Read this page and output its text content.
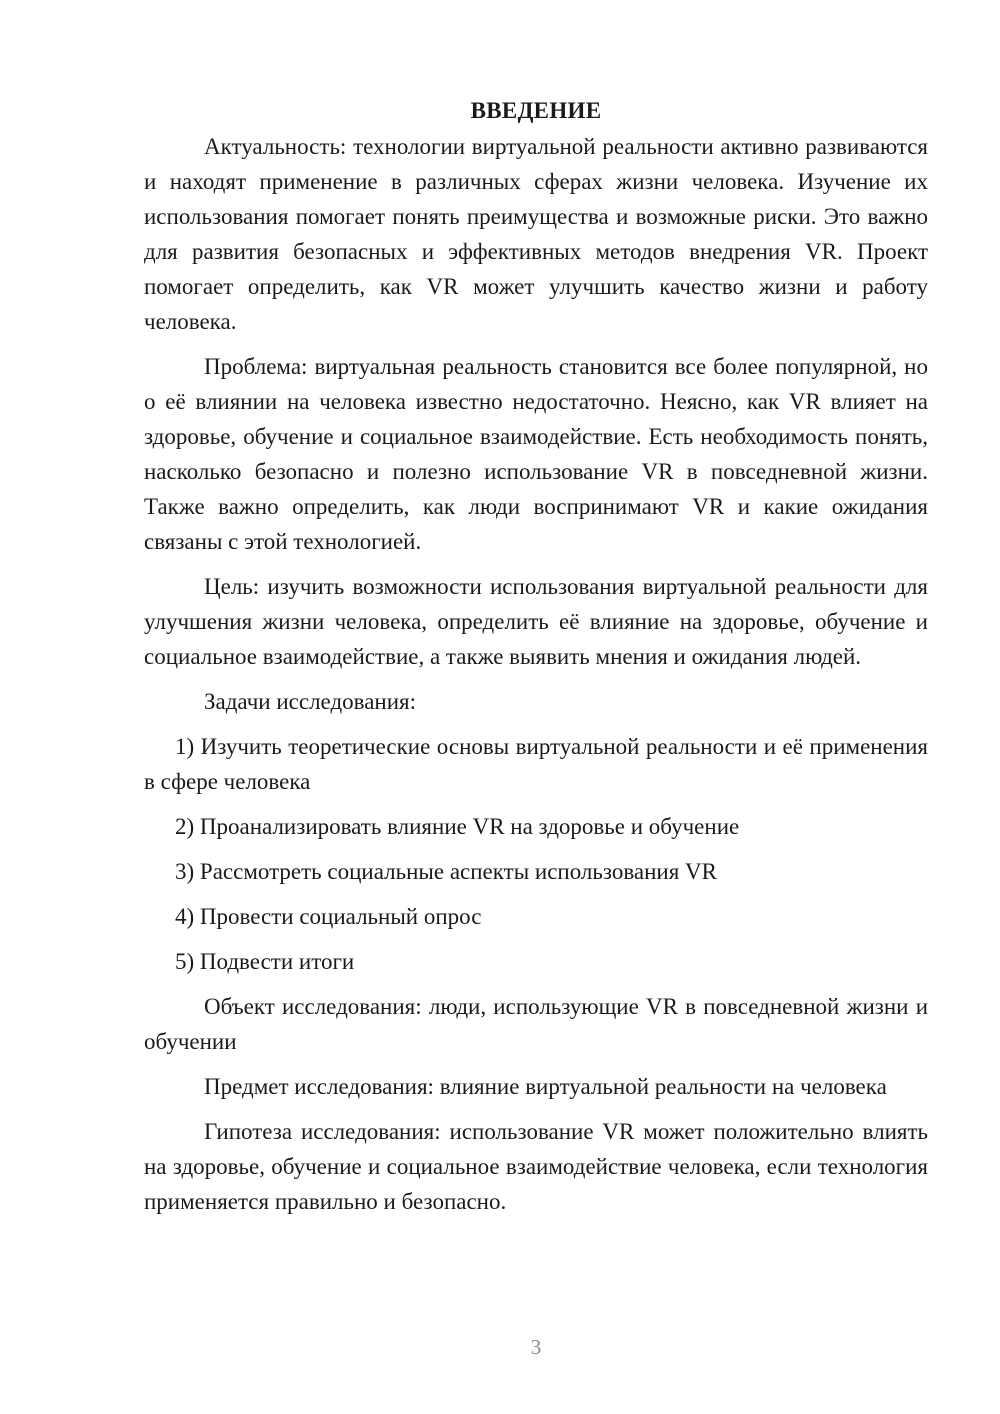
ВВЕДЕНИЕ

Актуальность: технологии виртуальной реальности активно развиваются и находят применение в различных сферах жизни человека. Изучение их использования помогает понять преимущества и возможные риски. Это важно для развития безопасных и эффективных методов внедрения VR. Проект помогает определить, как VR может улучшить качество жизни и работу человека.

Проблема: виртуальная реальность становится все более популярной, но о её влиянии на человека известно недостаточно. Неясно, как VR влияет на здоровье, обучение и социальное взаимодействие. Есть необходимость понять, насколько безопасно и полезно использование VR в повседневной жизни. Также важно определить, как люди воспринимают VR и какие ожидания связаны с этой технологией.

Цель: изучить возможности использования виртуальной реальности для улучшения жизни человека, определить её влияние на здоровье, обучение и социальное взаимодействие, а также выявить мнения и ожидания людей.

Задачи исследования:

1) Изучить теоретические основы виртуальной реальности и её применения в сфере человека

2) Проанализировать влияние VR на здоровье и обучение

3) Рассмотреть социальные аспекты использования VR

4) Провести социальный опрос

5) Подвести итоги

Объект исследования: люди, использующие VR в повседневной жизни и обучении

Предмет исследования: влияние виртуальной реальности на человека

Гипотеза исследования: использование VR может положительно влиять на здоровье, обучение и социальное взаимодействие человека, если технология применяется правильно и безопасно.

3
